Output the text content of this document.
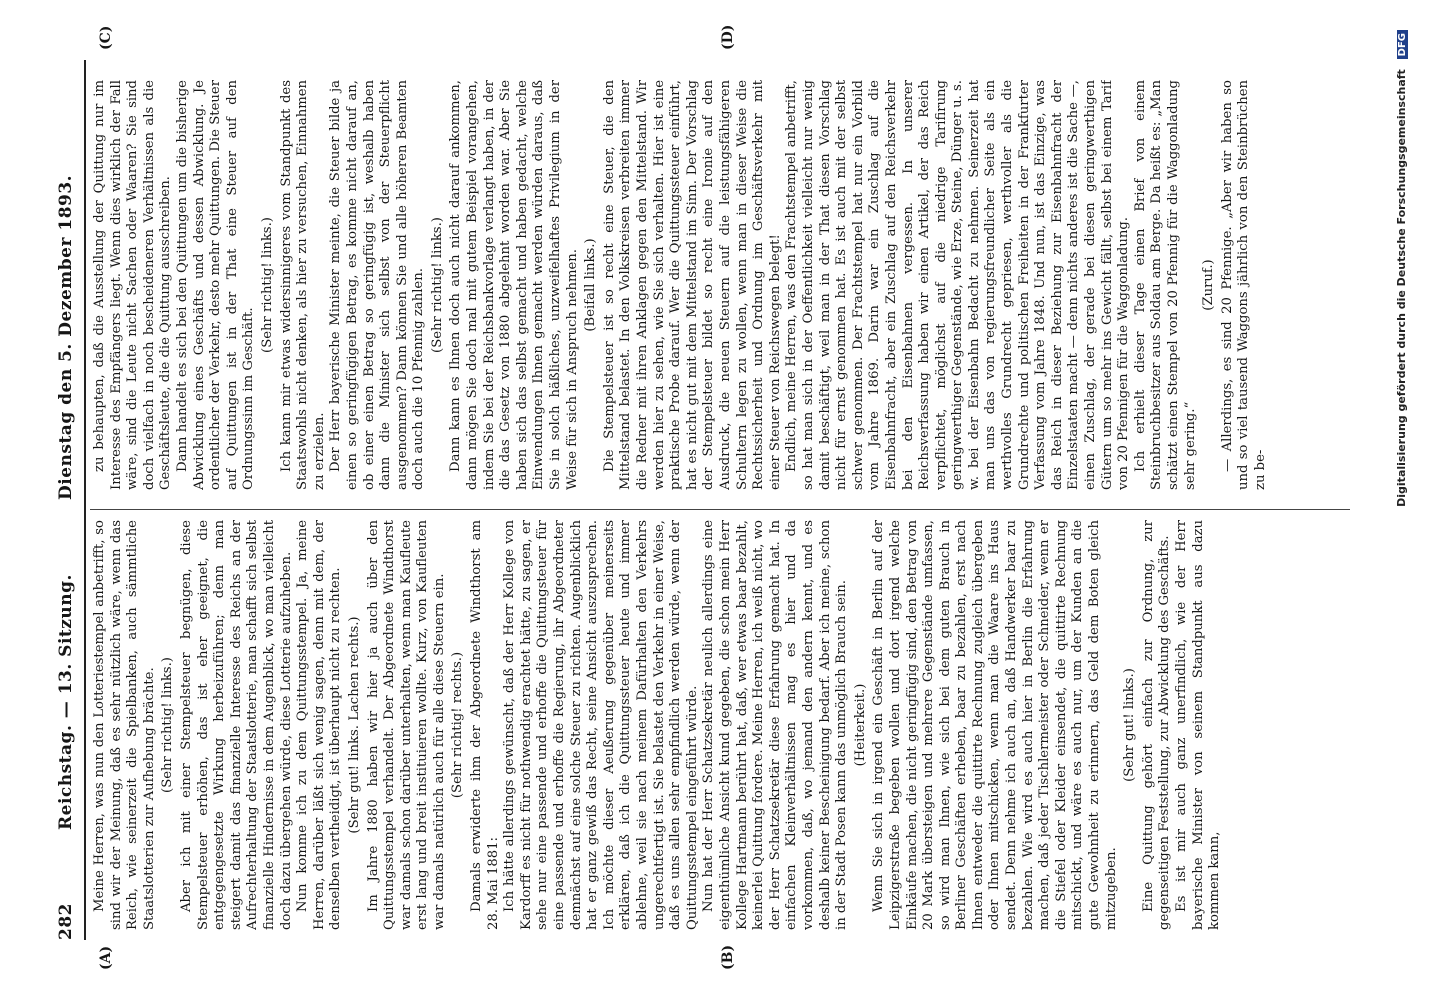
282
Reichstag. — 13. Sitzung.
Dienstag den 5. Dezember 1893.
(A)	(B)
(C)	(D)

Meine Herren, was nun den Lotteriestempel anbetrifft, so sind wir der Meinung, daß es sehr nützlich wäre, wenn das Reich, wie seinerzeit die Spielbanken, auch sämmtliche Staatslotterien zur Aufhebung brächte. (Sehr richtig! links.) Aber ich mit einer Stempelsteuer begnügen, diese Stempelsteuer erhöhen, das ist eher geeignet, die entgegengesetzte Wirkung herbeizuführen; denn man steigert damit das finanzielle Interesse des Reichs an der Aufrechterhaltung der Staatslotterie, man schafft sich selbst finanzielle Hindernisse in dem Augenblick, wo man vielleicht doch dazu übergehen würde, diese Lotterie aufzuheben. Nun komme ich zu dem Quittungsstempel. Ja, meine Herren, darüber läßt sich wenig sagen, denn mit dem, der denselben vertheidigt, ist überhaupt nicht zu rechten. (Sehr gut! links. Lachen rechts.) Im Jahre 1880 haben wir hier ja auch über den Quittungsstempel verhandelt. Der Abgeordnete Windthorst war damals schon darüber unterhalten, wenn man Kaufleute erst lang und breit instituieren wollte. Kurz, von Kaufleuten war damals natürlich auch für alle diese Steuern ein. (Sehr richtig! rechts.) Damals erwiderte ihm der Abgeordnete Windthorst am 28. Mai 1881: Ich hätte allerdings gewünscht, daß der Herr Kollege von Kardorff es nicht für nothwendig erachtet hätte, zu sagen, er sehe nur eine passende und erhoffe die Quittungsteuer für eine passende und erhoffe die Regierung, ihr Abgeordneter demnächst auf eine solche Steuer zu richten. Augenblicklich hat er ganz gewiß das Recht, seine Ansicht auszusprechen. Ich möchte dieser Aeußerung gegenüber meinerseits erklären, daß ich die Quittungssteuer heute und immer ablehne, weil sie nach meinem Dafürhalten den Verkehrs ungerechtfertigt ist. Sie belastet den Verkehr in einer Weise, daß es uns allen sehr empfindlich werden würde, wenn der Quittungsstempel eingeführt würde. Nun hat der Herr Schatzsekretär neulich allerdings eine eigenthümliche Ansicht kund gegeben, die schon mein Herr Kollege Hartmann berührt hat, daß, wer etwas baar bezahlt, keinerlei Quittung fordere. Meine Herren, ich weiß nicht, wo der Herr Schatzsekretär diese Erfahrung gemacht hat. In einfachen Kleinverhältnissen mag es hier und da vorkommen, daß, wo jemand den andern kennt, und es deshalb keiner Bescheinigung bedarf. Aber ich meine, schon in der Stadt Posen kann das unmöglich Brauch sein. (Heiterkeit.) Wenn Sie sich in irgend ein Geschäft in Berlin auf der Leipzigerstraße begeben wollen und dort irgend welche Einkäufe machen, die nicht geringfügig sind, den Betrag von 20 Mark übersteigen und mehrere Gegenstände umfassen, so wird man Ihnen, wie sich bei dem guten Brauch in Berliner Geschäften erheben, baar zu bezahlen, erst nach Ihnen entweder die quittirte Rechnung zugleich übergeben oder Ihnen mitschicken, wenn man die Waare ins Haus sendet. Denn nehme ich auch an, daß Handwerker baar zu bezahlen. Wie wird es auch hier in Berlin die Erfahrung machen, daß jeder Tischlermeister oder Schneider, wenn er die Stiefel oder Kleider einsendet, die quittirte Rechnung mitschickt, und wäre es auch nur, um der Kunden an die gute Gewohnheit zu erinnern, das Geld dem Boten gleich mitzugeben.

(Sehr gut! links.) Eine Quittung gehört einfach zur Ordnung, zur gegenseitigen Feststellung, zur Abwicklung des Geschäfts. Es ist mir auch ganz unerfindlich, wie der Herr bayerische Minister von seinem Standpunkt aus dazu kommen kann,

zu behaupten, daß die Ausstellung der Quittung nur im Interesse des Empfängers liegt. Wenn dies wirklich der Fall wäre, sind die Leute nicht Sachen oder Waaren? Sie sind doch vielfach in noch bescheideneren Verhältnissen als die Geschäftsleute, die die Quittung ausschreiben. Dann handelt es sich bei den Quittungen um die bisherige Abwicklung eines Geschäfts und dessen Abwicklung. Je ordentlicher der Verkehr, desto mehr Quittungen. Die Steuer auf Quittungen ist in der That eine Steuer auf den Ordnungssinn im Geschäft.

(Sehr richtig! links.) Ich kann mir etwas widersinnigeres vom Standpunkt des Staatswohls nicht denken, als hier zu versuchen, Einnahmen zu erzielen. Der Herr bayerische Minister meinte, die Steuer bilde ja einen so geringfügigen Betrag, es komme nicht darauf an, ob einer einen Betrag so geringfügig ist, weshalb haben dann die Minister sich selbst von der Steuerpflicht ausgenommen? Dann können Sie und alle höheren Beamten doch auch die 10 Pfennig zahlen. (Sehr richtig! links.) Dann kann es Ihnen doch auch nicht darauf ankommen, dann mögen Sie doch mal mit gutem Beispiel vorangehen, indem Sie bei der Reichsbankvorlage verlangt haben, in der die das Gesetz von 1880 abgelehnt worden war. Aber Sie haben sich das selbst gemacht und haben gedacht, welche Einwendungen Ihnen gemacht werden würden daraus, daß Sie in solch häßliches, unzweifelhaftes Privilegium in der Weise für sich in Anspruch nehmen. (Beifall links.) Die Stempelsteuer ist so recht eine Steuer, die den Mittelstand belastet. In den Volkskreisen verbreiten immer die Redner mit ihren Anklagen gegen den Mittelstand. Wir werden hier zu sehen, wie Sie sich verhalten. Hier ist eine praktische Probe darauf. Wer die Quittungssteuer einführt, hat es nicht gut mit dem Mittelstand im Sinn. Der Vorschlag der Stempelsteuer bildet so recht eine Ironie auf den Ausdruck, die neuen Steuern auf die leistungsfähigeren Schultern legen zu wollen, wenn man in dieser Weise die Rechtssicherheit und Ordnung im Geschäftsverkehr mit einer Steuer von Reichswegen belegt! Endlich, meine Herren, was den Frachtstempel anbetrifft, so hat man sich in der Oeffentlichkeit vielleicht nur wenig damit beschäftigt, weil man in der That diesen Vorschlag nicht für ernst genommen hat. Es ist auch mit der selbst schwer genommen. Der Frachtstempel hat nur ein Vorbild vom Jahre 1869. Darin war ein Zuschlag auf die Eisenbahnfracht, aber ein Zuschlag auf den Reichsverkehr bei den Eisenbahnen vergessen. In unserer Reichsverfassung haben wir einen Artikel, der das Reich verpflichtet, möglichst auf die niedrige Tarifirung geringwerthiger Gegenstände, wie Erze, Steine, Dünger u. s. w. bei der Eisenbahn Bedacht zu nehmen. Seinerzeit hat man uns das von regierungsfreundlicher Seite als ein werthvolles Grundrecht gepriesen, werthvoller als die Grundrechte und politischen Freiheiten in der Frankfurter Verfassung vom Jahre 1848. Und nun, ist das Einzige, was das Reich in dieser Beziehung zur Eisenbahnfracht der Einzelstaaten macht — denn nichts anderes ist die Sache —, einen Zuschlag, der gerade bei diesen geringwerthigen Gütern um so mehr ins Gewicht fällt, selbst bei einem Tarif von 20 Pfennigen für die Waggonladung. Ich erhielt dieser Tage einen Brief von einem Steinbruchbesitzer aus Soldau am Berge. Da heißt es: „Man schätzt einen Stempel von 20 Pfennig für die Waggonladung sehr gering.“

(Zuruf.) — Allerdings, es sind 20 Pfennige. „Aber wir haben so und so viel tausend Waggons jährlich von den Steinbrüchen zu be-	Digitalisierung gefördert durch die Deutsche Forschungsgemeinschaft DFG
